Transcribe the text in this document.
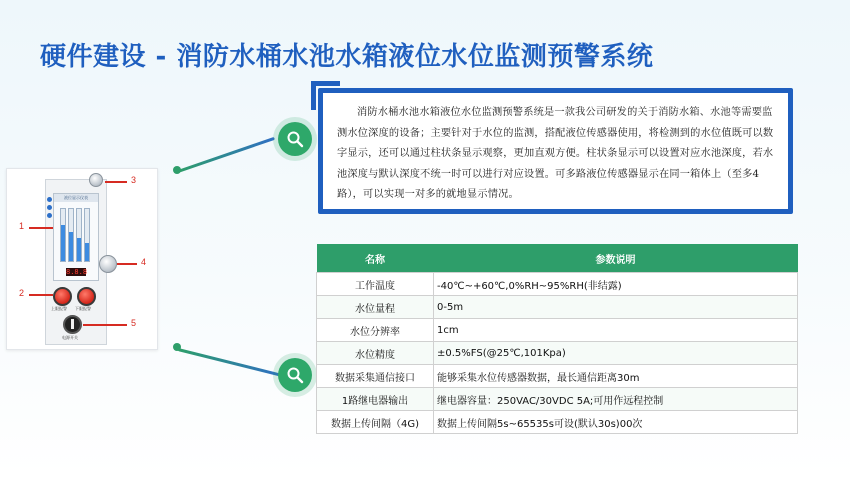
硬件建设 - 消防水桶水池水箱液位水位监测预警系统
液位显示仪表
8.8.8
上限报警 下限报警
电源开关
1
2
3
4
5
消防水桶水池水箱液位水位监测预警系统是一款我公司研发的关于消防水箱、水池等需要监测水位深度的设备；主要针对于水位的监测，搭配液位传感器使用，将检测到的水位值既可以数字显示，还可以通过柱状条显示观察，更加直观方便。柱状条显示可以设置对应水池深度，若水池深度与默认深度不统一时可以进行对应设置。可多路液位传感器显示在同一箱体上（至多4路），可以实现一对多的就地显示情况。
名称	参数说明
工作温度	-40℃~+60℃,0%RH~95%RH(非结露)
水位量程	0-5m
水位分辨率	1cm
水位精度	±0.5%FS(@25℃,101Kpa)
数据采集通信接口	能够采集水位传感器数据，最长通信距离30m
1路继电器输出	继电器容量：250VAC/30VDC 5A;可用作远程控制
数据上传间隔（4G)	数据上传间隔5s~65535s可设(默认30s)00次
